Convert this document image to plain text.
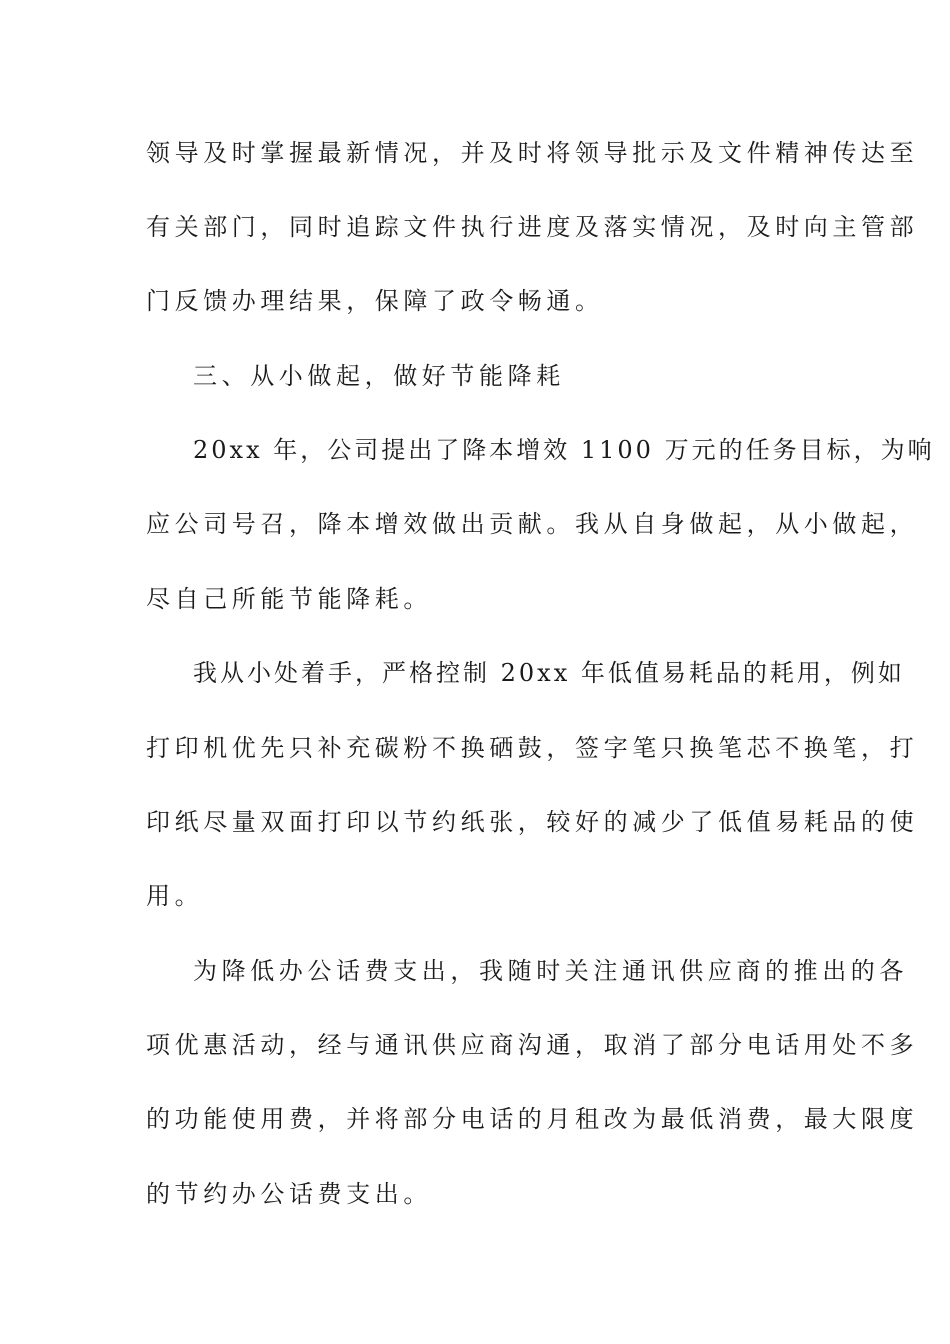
领导及时掌握最新情况，并及时将领导批示及文件精神传达至
有关部门，同时追踪文件执行进度及落实情况，及时向主管部
门反馈办理结果，保障了政令畅通。
三、从小做起，做好节能降耗
20xx 年，公司提出了降本增效 1100 万元的任务目标，为响
应公司号召，降本增效做出贡献。我从自身做起，从小做起，
尽自己所能节能降耗。
我从小处着手，严格控制 20xx 年低值易耗品的耗用，例如
打印机优先只补充碳粉不换硒鼓，签字笔只换笔芯不换笔，打
印纸尽量双面打印以节约纸张，较好的减少了低值易耗品的使
用。
为降低办公话费支出，我随时关注通讯供应商的推出的各
项优惠活动，经与通讯供应商沟通，取消了部分电话用处不多
的功能使用费，并将部分电话的月租改为最低消费，最大限度
的节约办公话费支出。
